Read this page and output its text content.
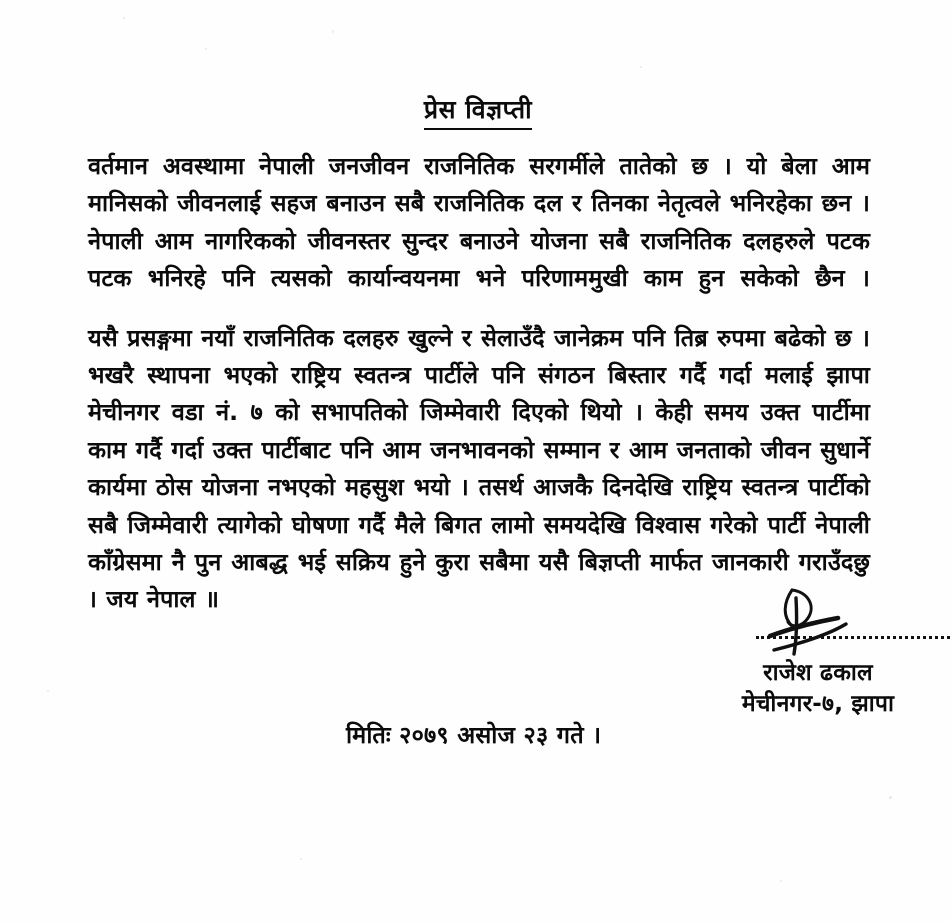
प्रेस विज्ञप्ती

वर्तमान अवस्थामा नेपाली जनजीवन राजनितिक सरगर्मीले तातेको छ । यो बेला आम मानिसको जीवनलाई सहज बनाउन सबै राजनितिक दल र तिनका नेतृत्वले भनिरहेका छन । नेपाली आम नागरिकको जीवनस्तर सुन्दर बनाउने योजना सबै राजनितिक दलहरुले पटक पटक भनिरहे पनि त्यसको कार्यान्वयनमा भने परिणाममुखी काम हुन सकेको छैन ।

यसै प्रसङ्गमा नयाँ राजनितिक दलहरु खुल्ने र सेलाउँदै जानेक्रम पनि तिब्र रुपमा बढेको छ । भखरै स्थापना भएको राष्ट्रिय स्वतन्त्र पार्टीले पनि संगठन बिस्तार गर्दै गर्दा मलाई झापा मेचीनगर वडा नं. ७ को सभापतिको जिम्मेवारी दिएको थियो । केही समय उक्त पार्टीमा काम गर्दै गर्दा उक्त पार्टीबाट पनि आम जनभावनको सम्मान र आम जनताको जीवन सुधार्ने कार्यमा ठोस योजना नभएको महसुश भयो । तसर्थ आजकै दिनदेखि राष्ट्रिय स्वतन्त्र पार्टीको सबै जिम्मेवारी त्यागेको घोषणा गर्दै मैले बिगत लामो समयदेखि विश्वास गरेको पार्टी नेपाली काँग्रेसमा नै पुन आबद्ध भई सक्रिय हुने कुरा सबैमा यसै बिज्ञप्ती मार्फत जानकारी गराउँदछु । जय नेपाल ॥

राजेश ढकाल
मेचीनगर-७, झापा
मितिः २०७९ असोज २३ गते ।
